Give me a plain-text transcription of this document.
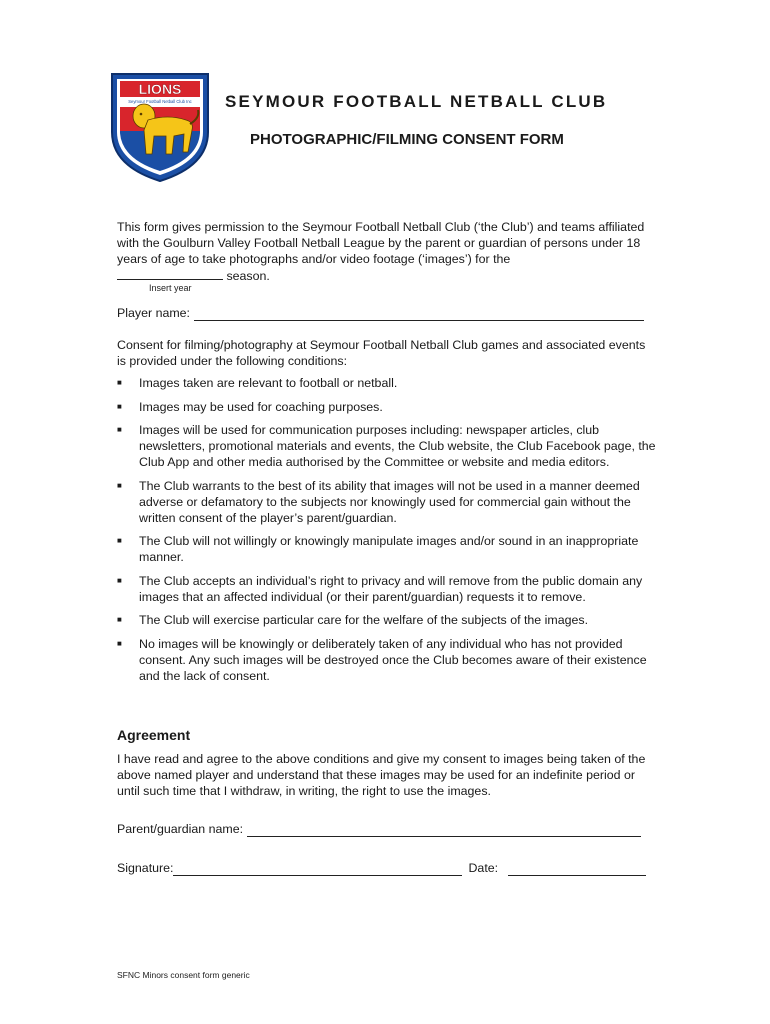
LIONS
Seymour Football Netball Club Inc SEYMOUR FOOTBALL NETBALL CLUB
PHOTOGRAPHIC/FILMING CONSENT FORM
This form gives permission to the Seymour Football Netball Club (‘the Club’) and teams affiliated with the Goulburn Valley Football Netball League by the parent or guardian of persons under 18 years of age to take photographs and/or video footage (‘images’) for the
season.
Insert year
Player name:
Consent for filming/photography at Seymour Football Netball Club games and associated events is provided under the following conditions:
■ Images taken are relevant to football or netball.
■ Images may be used for coaching purposes.
■ Images will be used for communication purposes including: newspaper articles, club newsletters, promotional materials and events, the Club website, the Club Facebook page, the Club App and other media authorised by the Committee or website and media editors.
■ The Club warrants to the best of its ability that images will not be used in a manner deemed adverse or defamatory to the subjects nor knowingly used for commercial gain without the written consent of the player’s parent/guardian.
■ The Club will not willingly or knowingly manipulate images and/or sound in an inappropriate manner.
■ The Club accepts an individual’s right to privacy and will remove from the public domain any images that an affected individual (or their parent/guardian) requests it to remove.
■ The Club will exercise particular care for the welfare of the subjects of the images.
■ No images will be knowingly or deliberately taken of any individual who has not provided consent. Any such images will be destroyed once the Club becomes aware of their existence and the lack of consent.
Agreement
I have read and agree to the above conditions and give my consent to images being taken of the above named player and understand that these images may be used for an indefinite period or until such time that I withdraw, in writing, the right to use the images.
Parent/guardian name:
Signature:	Date:
SFNC Minors consent form generic
